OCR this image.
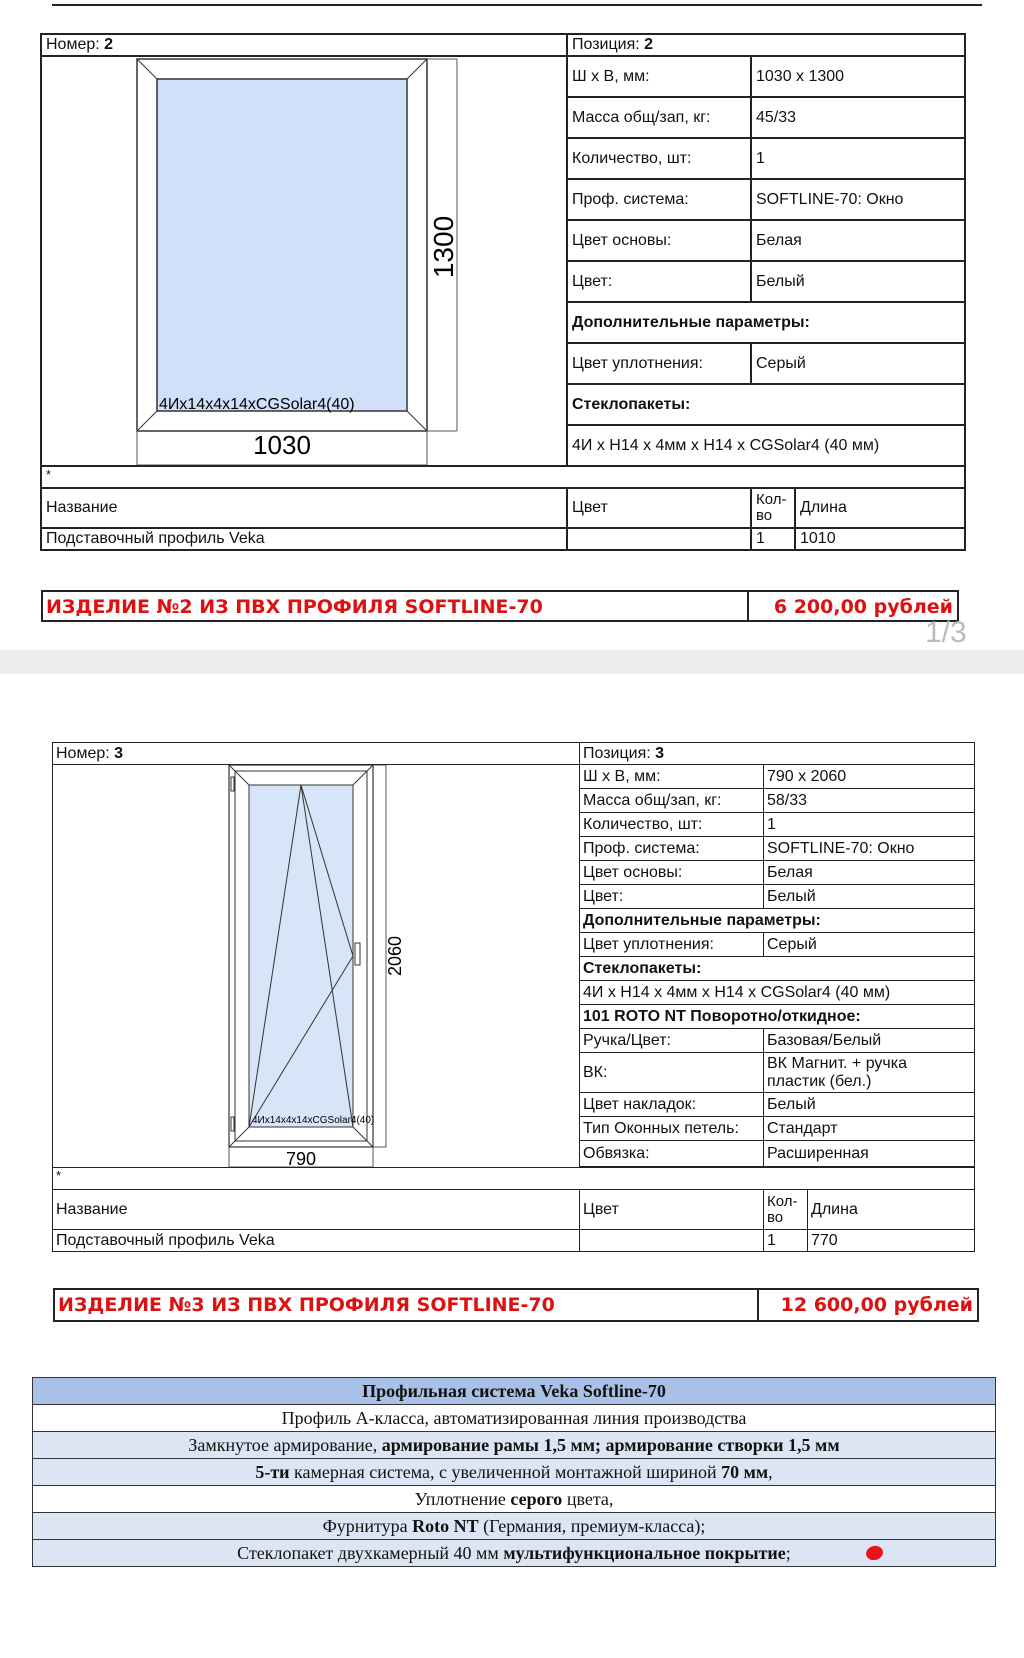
Номер: 2	Позиция: 2		

1300
1030
4Их14х4х14хCGSolar4(40)	Ш х В, мм:	1030 х 1300	
	Масса общ/зап, кг:	45/33	
	Количество, шт:	1	
	Проф. система:	SOFTLINE-70: Окно	
	Цвет основы:	Белая	
	Цвет:	Белый	
	Дополнительные параметры:		
	Цвет уплотнения:	Серый	
	Стеклопакеты:		
	4И х Н14 х 4мм х Н14 х CGSolar4 (40 мм)		
*			
Название	Цвет	Кол-во	Длина
Подставочный профиль Veka		1	1010
ИЗДЕЛИЕ №2 ИЗ ПВХ ПРОФИЛЯ SOFTLINE-70	6 200,00 рублей
1/3
Номер: 3	Позиция: 3		

2060
790
4Их14х4х14хCGSolar4(40)	Ш х В, мм:	790 х 2060	
	Масса общ/зап, кг:	58/33	
	Количество, шт:	1	
	Проф. система:	SOFTLINE-70: Окно	
	Цвет основы:	Белая	
	Цвет:	Белый	
	Дополнительные параметры:		
	Цвет уплотнения:	Серый	
	Стеклопакеты:		
	4И х Н14 х 4мм х Н14 х CGSolar4 (40 мм)		
	101 ROTO NT Поворотно/откидное:		
	Ручка/Цвет:	Базовая/Белый	
	ВК:	ВК Магнит. + ручка
пластик (бел.)	
	Цвет накладок:	Белый	
	Тип Оконных петель:	Стандарт	
	Обвязка:	Расширенная	

*			
Название	Цвет	Кол-во	Длина
Подставочный профиль Veka		1	770
ИЗДЕЛИЕ №3 ИЗ ПВХ ПРОФИЛЯ SOFTLINE-70	12 600,00 рублей
Профильная система Veka Softline-70
Профиль А-класса, автоматизированная линия производства
Замкнутое армирование, армирование рамы 1,5 мм; армирование створки 1,5 мм
5-ти камерная система, с увеличенной монтажной шириной 70 мм,
Уплотнение серого цвета,
Фурнитура Roto NT (Германия, премиум-класса);
Стеклопакет двухкамерный 40 мм мультифункциональное покрытие;
